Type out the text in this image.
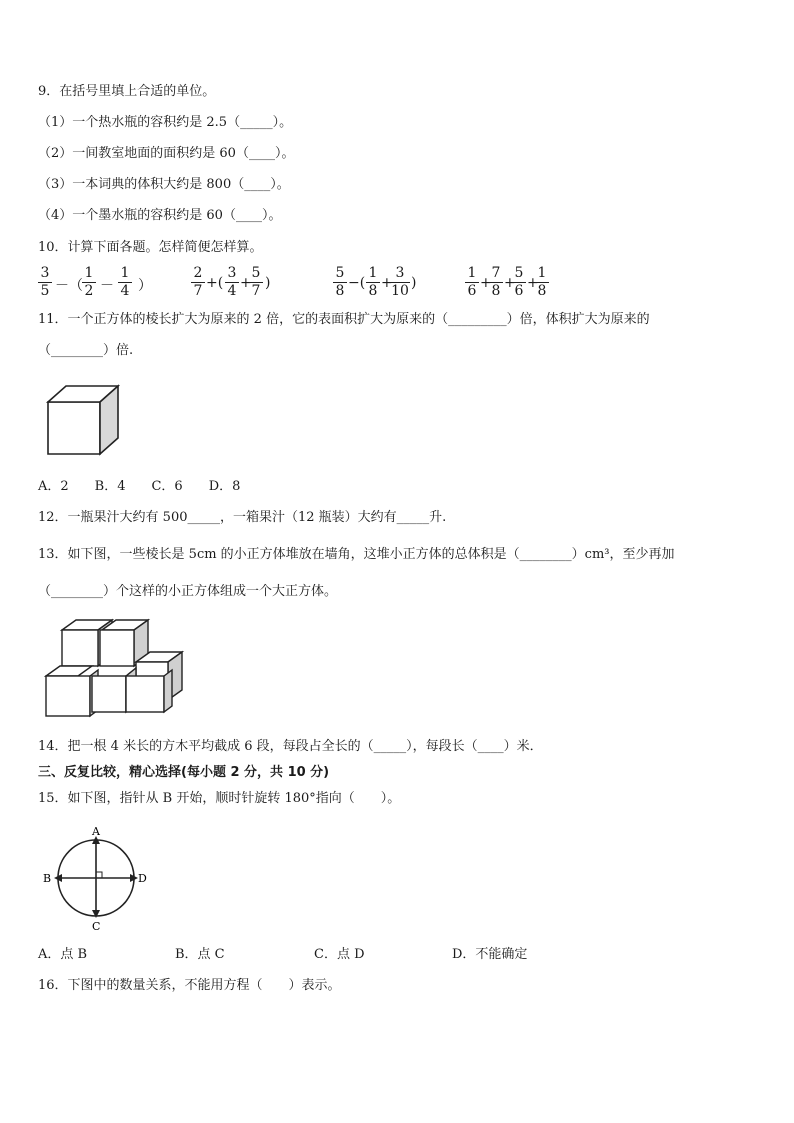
9．在括号里填上合适的单位。
（1）一个热水瓶的容积约是 2.5（_____）。
（2）一间教室地面的面积约是 60（____）。
（3）一本词典的体积大约是 800（____）。
（4）一个墨水瓶的容积约是 60（____）。
10．计算下面各题。怎样简便怎样算。
3
5 －（
1
2 －
1
4 ）
2
7 +(
3
4 +
5
7 )
5
8 −(
1
8 +
3
10 )
1
6 +
7
8 +
5
6 +
1
8
11．一个正方体的棱长扩大为原来的 2 倍，它的表面积扩大为原来的（_________）倍，体积扩大为原来的
（________）倍.
A．2　　B．4　　C．6　　D．8
12．一瓶果汁大约有 500_____，一箱果汁（12 瓶装）大约有_____升.
13．如下图，一些棱长是 5cm 的小正方体堆放在墙角，这堆小正方体的总体积是（________）cm³，至少再加
（________）个这样的小正方体组成一个大正方体。
14．把一根 4 米长的方木平均截成 6 段，每段占全长的（_____），每段长（____）米．
三、反复比较，精心选择(每小题 2 分，共 10 分)
15．如下图，指针从 B 开始，顺时针旋转 180°指向（　　）。
A
B	D
C
A．点 B	B．点 C	C．点 D	D．不能确定
16．下图中的数量关系，不能用方程（　　）表示。
